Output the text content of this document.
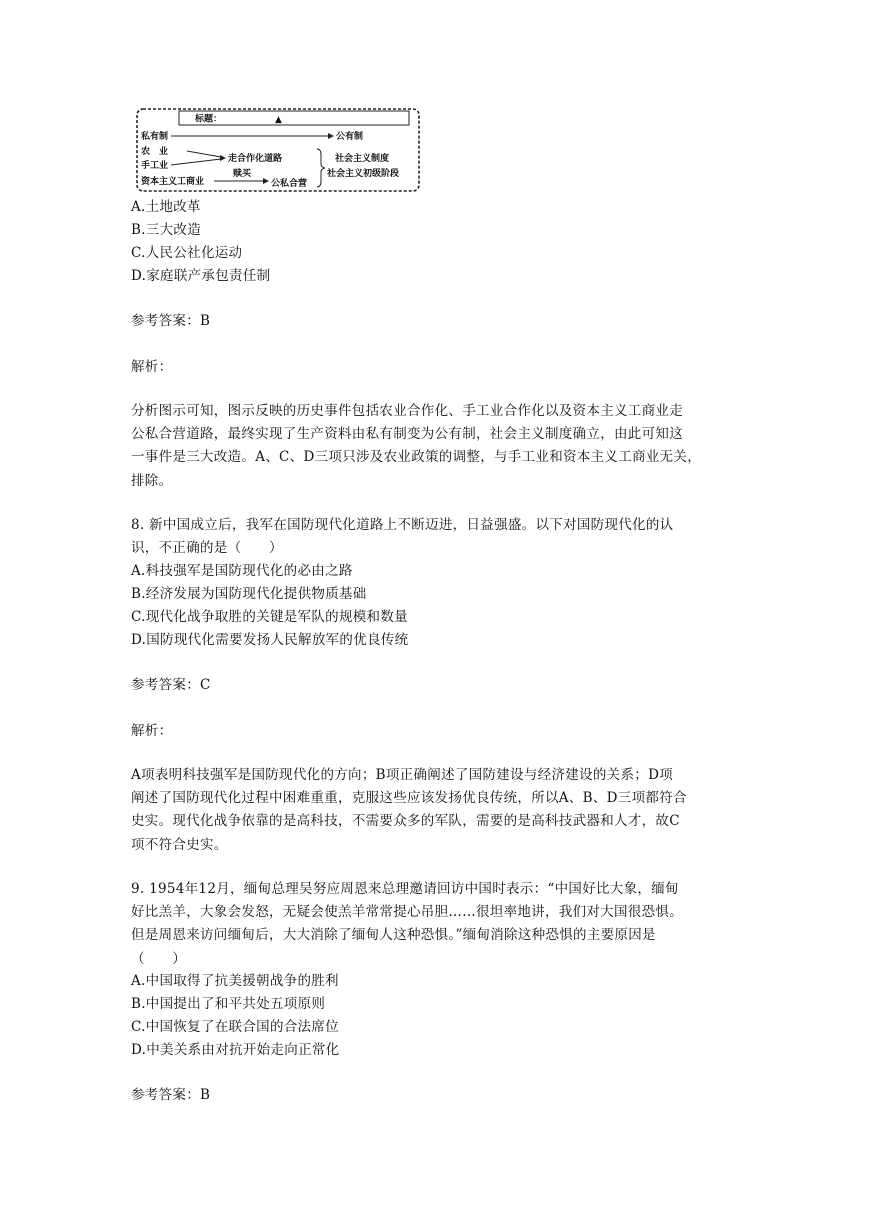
标题：	▲
私有制	公有制
农　业
手工业
走合作化道路
资本主义工商业
赎买
公私合营
社会主义制度
社会主义初级阶段
A.土地改革
B.三大改造
C.人民公社化运动
D.家庭联产承包责任制
参考答案：B
解析：
分析图示可知，图示反映的历史事件包括农业合作化、手工业合作化以及资本主义工商业走
公私合营道路，最终实现了生产资料由私有制变为公有制，社会主义制度确立，由此可知这
一事件是三大改造。A、C、D三项只涉及农业政策的调整，与手工业和资本主义工商业无关，
排除。
8. 新中国成立后，我军在国防现代化道路上不断迈进，日益强盛。以下对国防现代化的认
识，不正确的是（　　）
A.科技强军是国防现代化的必由之路
B.经济发展为国防现代化提供物质基础
C.现代化战争取胜的关键是军队的规模和数量
D.国防现代化需要发扬人民解放军的优良传统
参考答案：C
解析：
A项表明科技强军是国防现代化的方向；B项正确阐述了国防建设与经济建设的关系；D项
阐述了国防现代化过程中困难重重，克服这些应该发扬优良传统，所以A、B、D三项都符合
史实。现代化战争依靠的是高科技，不需要众多的军队，需要的是高科技武器和人才，故C
项不符合史实。
9. 1954年12月，缅甸总理吴努应周恩来总理邀请回访中国时表示：“中国好比大象，缅甸
好比羔羊，大象会发怒，无疑会使羔羊常常提心吊胆……很坦率地讲，我们对大国很恐惧。
但是周恩来访问缅甸后，大大消除了缅甸人这种恐惧。”缅甸消除这种恐惧的主要原因是
（　　）
A.中国取得了抗美援朝战争的胜利
B.中国提出了和平共处五项原则
C.中国恢复了在联合国的合法席位
D.中美关系由对抗开始走向正常化
参考答案：B
